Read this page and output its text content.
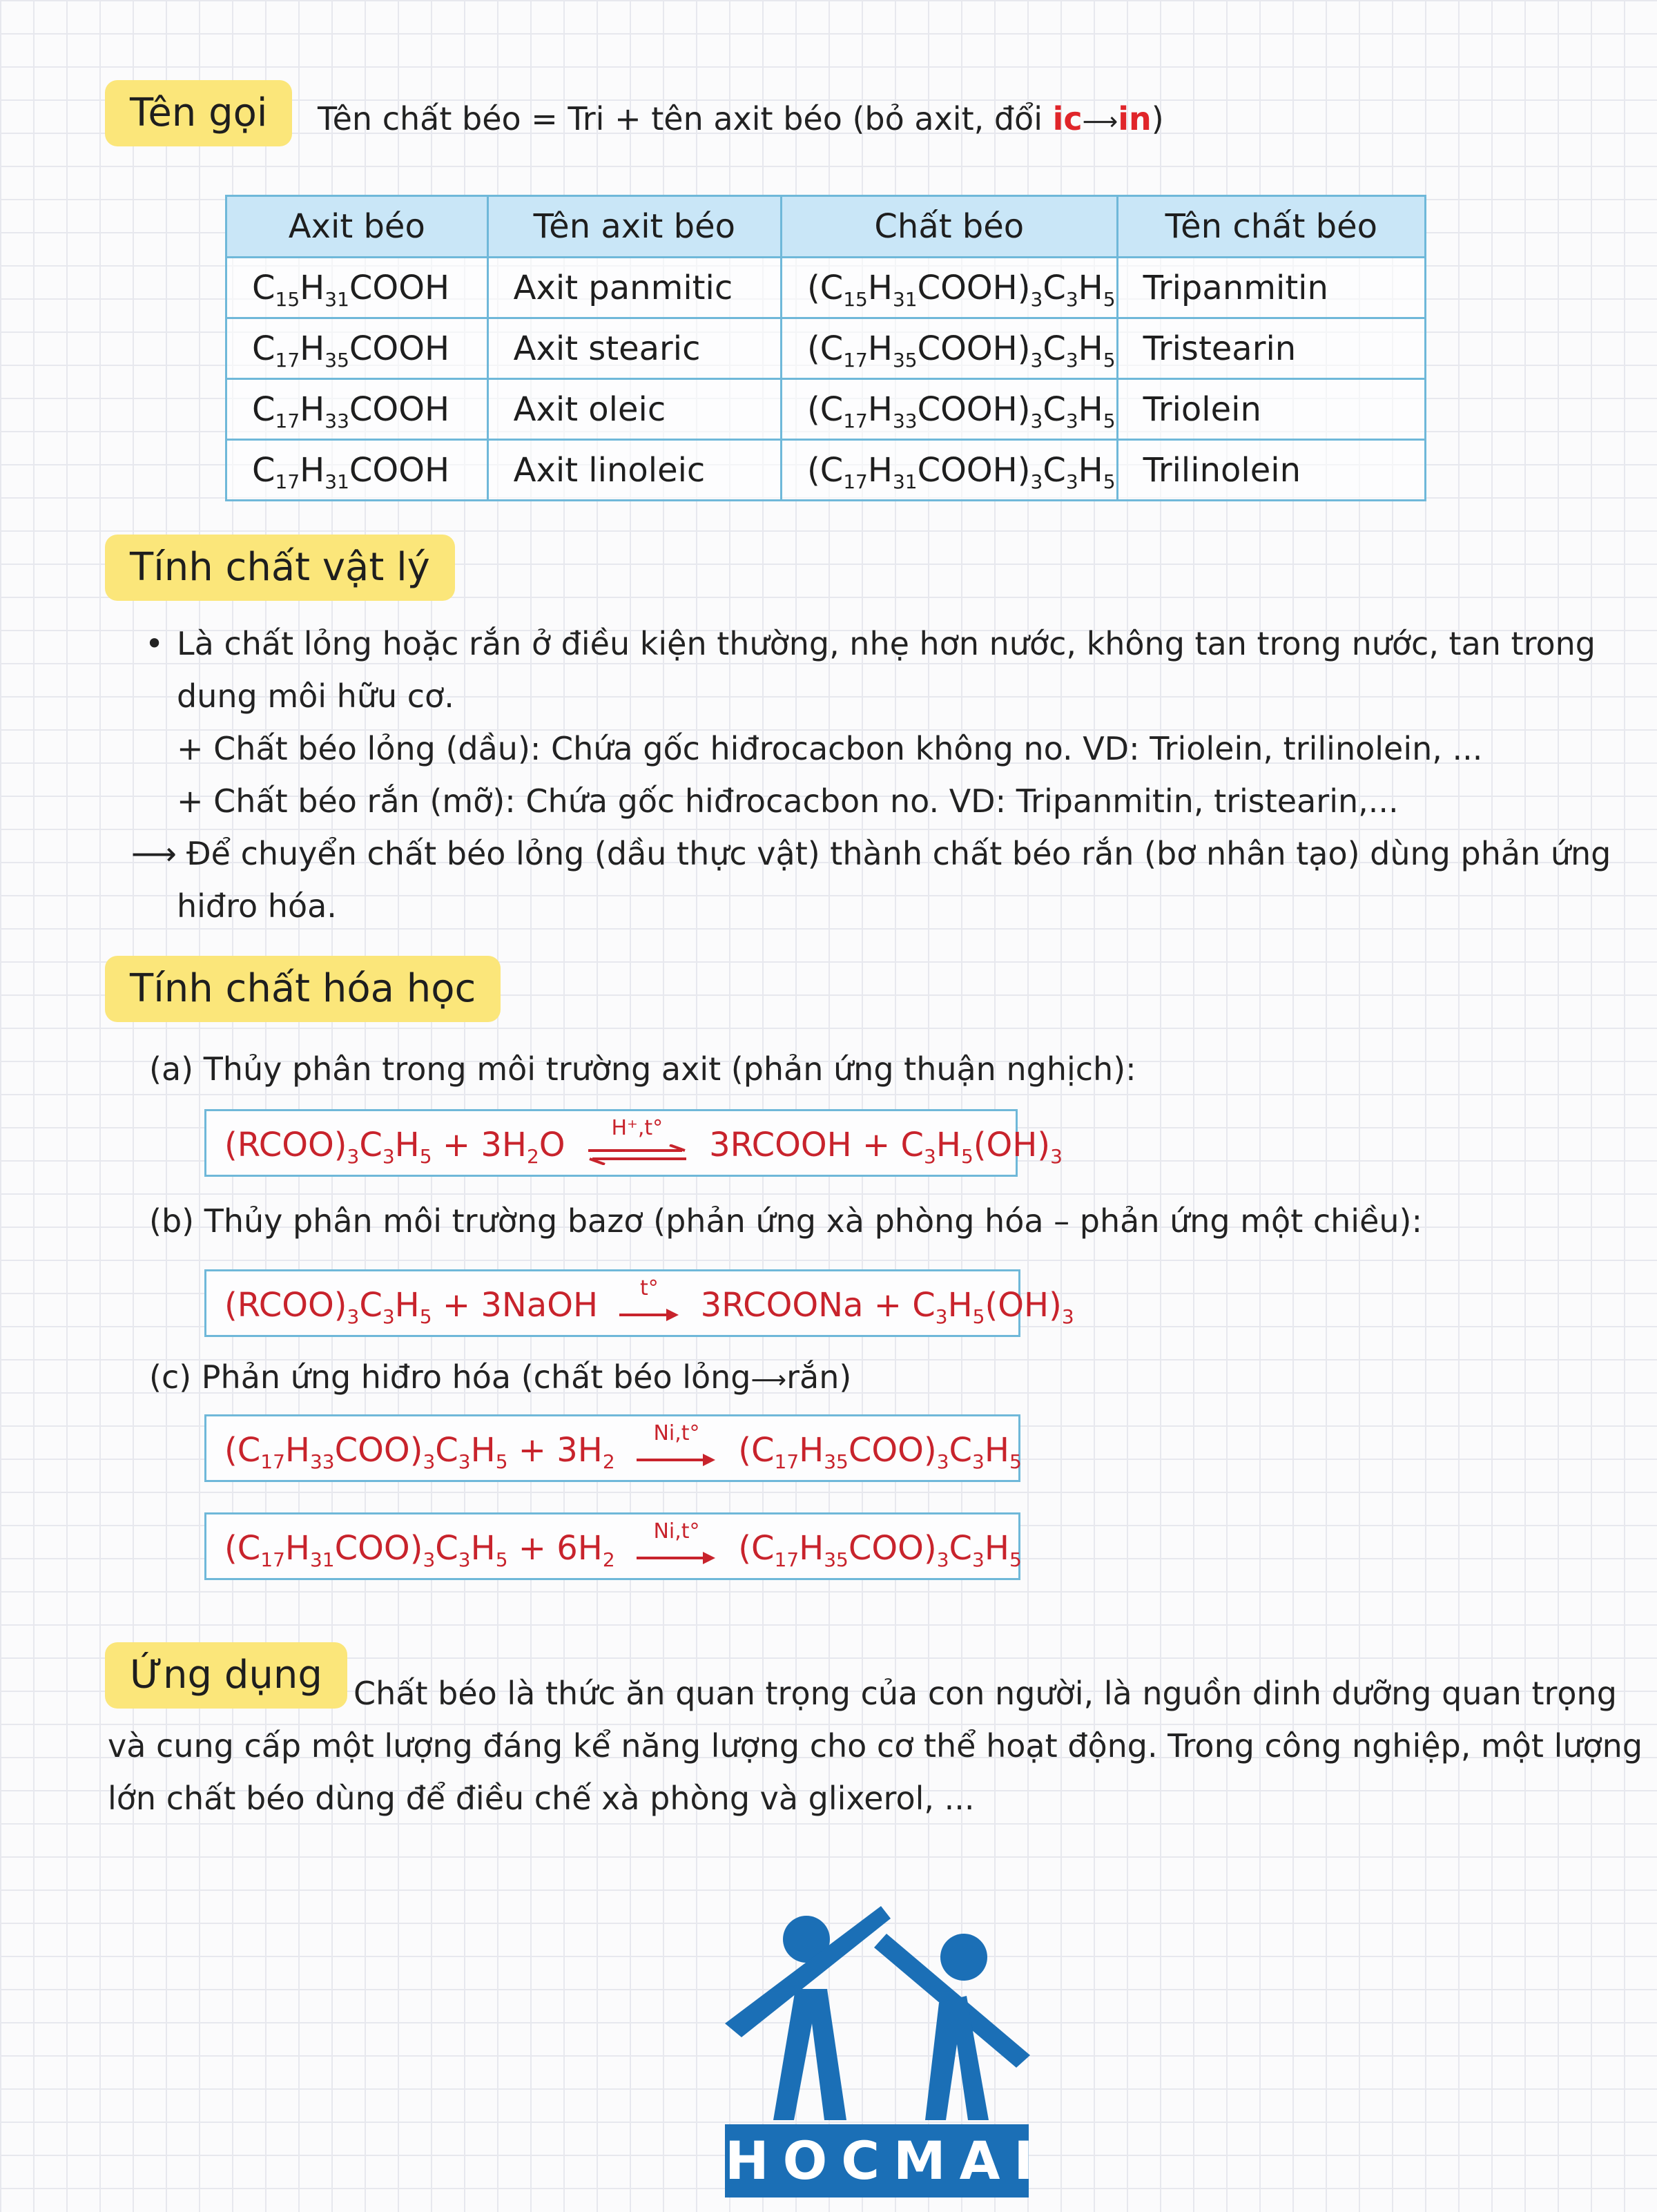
Tên gọi	Tên chất béo = Tri + tên axit béo (bỏ axit, đổi ic⟶in)
Axit béo	Tên axit béo	Chất béo	Tên chất béo
$C_{15}H_{31}COOH$	Axit panmitic	$(C_{15}H_{31}COOH)_3C_3H_5$	Tripanmitin
$C_{17}H_{35}COOH$	Axit stearic	$(C_{17}H_{35}COOH)_3C_3H_5$	Tristearin
$C_{17}H_{33}COOH$	Axit oleic	$(C_{17}H_{33}COOH)_3C_3H_5$	Triolein
$C_{17}H_{31}COOH$	Axit linoleic	$(C_{17}H_{31}COOH)_3C_3H_5$	Trilinolein
Tính chất vật lý
• Là chất lỏng hoặc rắn ở điều kiện thường, nhẹ hơn nước, không tan trong nước, tan trong
dung môi hữu cơ.
+ Chất béo lỏng (dầu): Chứa gốc hiđrocacbon không no. VD: Triolein, trilinolein, ...
+ Chất béo rắn (mỡ): Chứa gốc hiđrocacbon no. VD: Tripanmitin, tristearin,...
⟶ Để chuyển chất béo lỏng (dầu thực vật) thành chất béo rắn (bơ nhân tạo) dùng phản ứng
hiđro hóa.
Tính chất hóa học
(a) Thủy phân trong môi trường axit (phản ứng thuận nghịch):
$(RCOO)_3C_3H_5 + 3H_2O$	H⁺,t°	3RCOOH + $C_3H_5(OH)_3$
(b) Thủy phân môi trường bazơ (phản ứng xà phòng hóa – phản ứng một chiều):
$(RCOO)_3C_3H_5$ + 3NaOH	t° 3RCOONa + $C_3H_5(OH)_3$
(c) Phản ứng hiđro hóa (chất béo lỏng⟶rắn)
$(C_{17}H_{33}COO)_3C_3H_5 + 3H_2$
Ni,t° $(C_{17}H_{35}COO)_3C_3H_5$
$(C_{17}H_{31}COO)_3C_3H_5 + 6H_2$
Ni,t° $(C_{17}H_{35}COO)_3C_3H_5$
Ứng dụng Chất béo là thức ăn quan trọng của con người, là nguồn dinh dưỡng quan trọng
và cung cấp một lượng đáng kể năng lượng cho cơ thể hoạt động. Trong công nghiệp, một lượng
lớn chất béo dùng để điều chế xà phòng và glixerol, ...
HOCMAI
